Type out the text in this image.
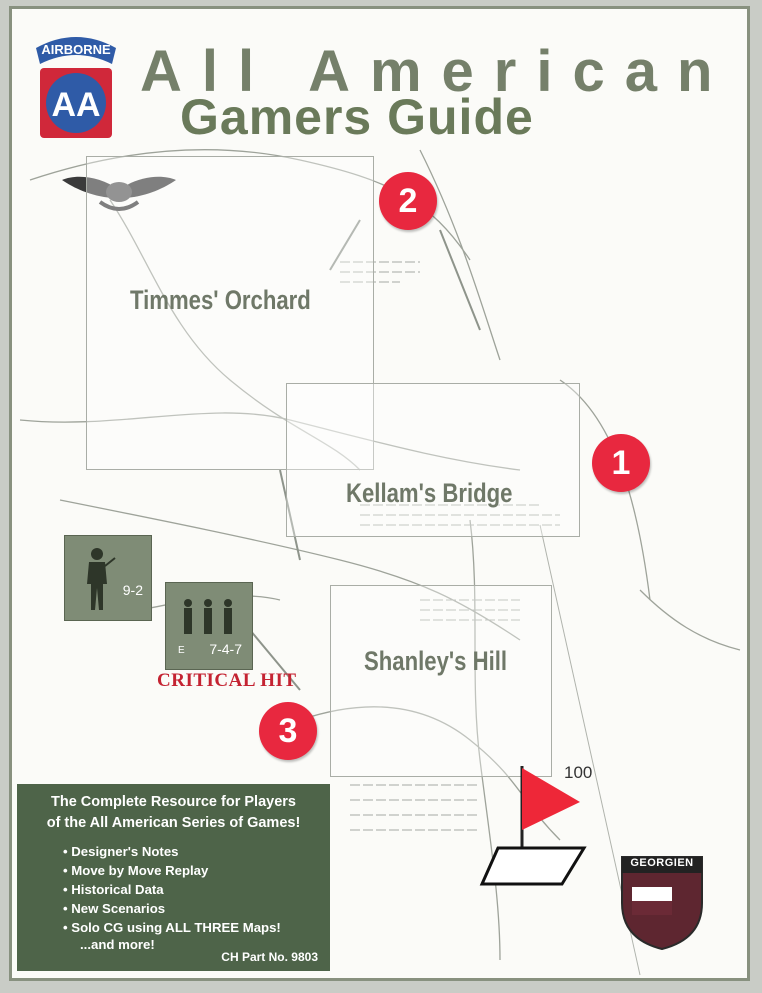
All American
Gamers Guide
AIRBORNE
AA
Timmes' Orchard
Kellam's Bridge
Shanley's Hill
2
1
3
9-2
E 7-4-7
CRITICAL HIT
100
GEORGIEN
The Complete Resource for Players
of the All American Series of Games!
• Designer's Notes
• Move by Move Replay
• Historical Data
• New Scenarios
• Solo CG using ALL THREE Maps!
...and more!
CH Part No. 9803
